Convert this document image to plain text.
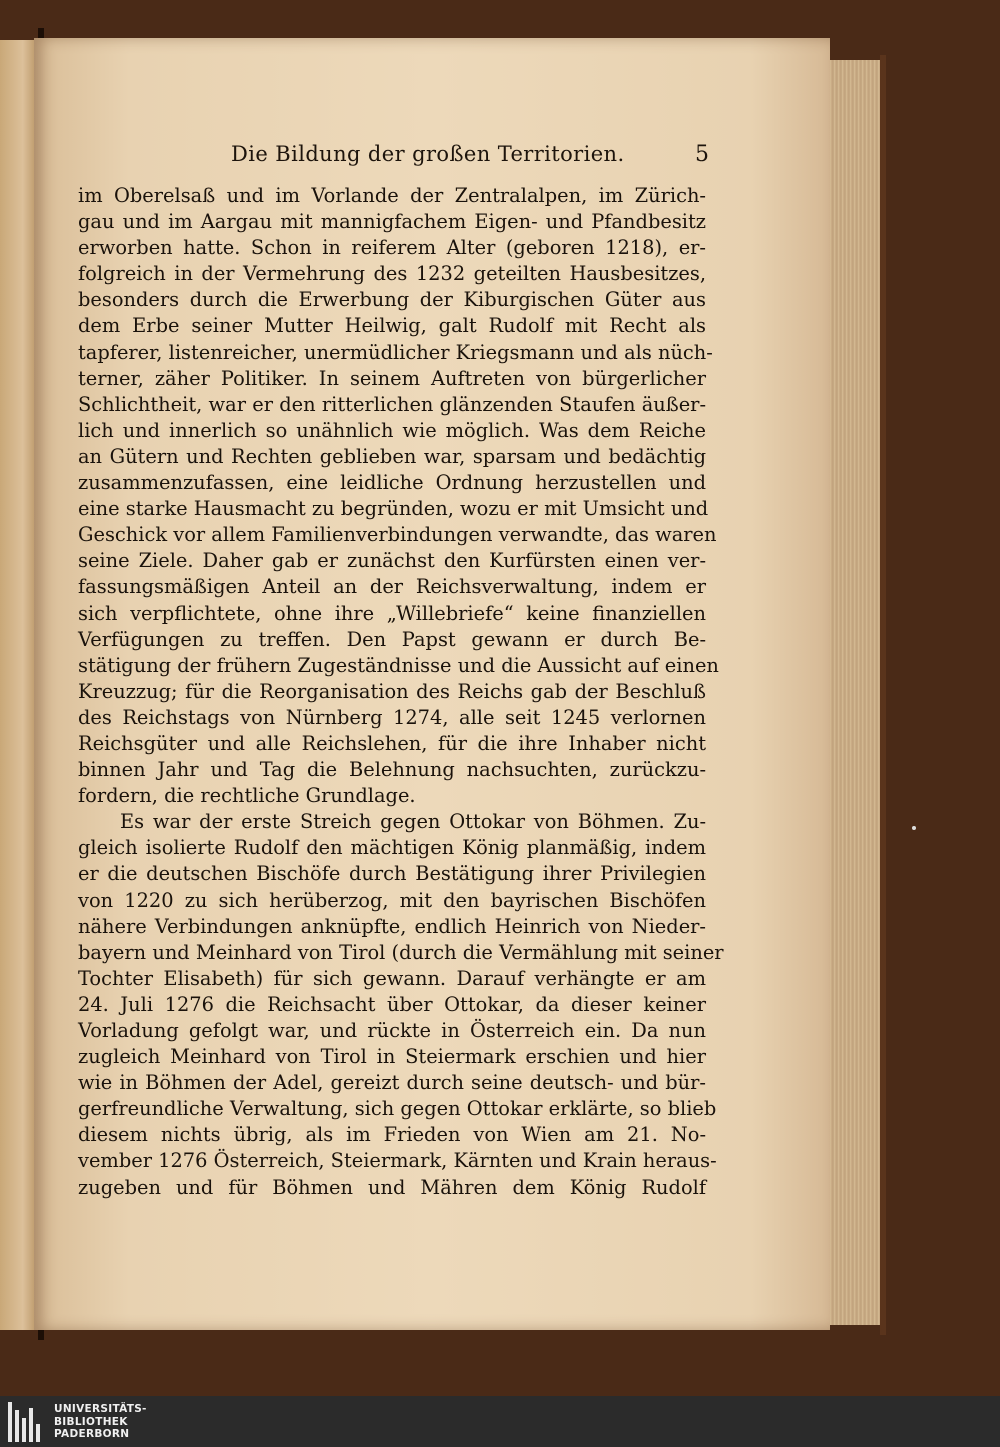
Die Bildung der großen Territorien.	5
im Oberelsaß und im Vorlande der Zentralalpen, im Zürich-
gau und im Aargau mit mannigfachem Eigen- und Pfandbesitz
erworben hatte. Schon in reiferem Alter (geboren 1218), er-
folgreich in der Vermehrung des 1232 geteilten Hausbesitzes,
besonders durch die Erwerbung der Kiburgischen Güter aus
dem Erbe seiner Mutter Heilwig, galt Rudolf mit Recht als
tapferer, listenreicher, unermüdlicher Kriegsmann und als nüch-
terner, zäher Politiker. In seinem Auftreten von bürgerlicher
Schlichtheit, war er den ritterlichen glänzenden Staufen äußer-
lich und innerlich so unähnlich wie möglich. Was dem Reiche
an Gütern und Rechten geblieben war, sparsam und bedächtig
zusammenzufassen, eine leidliche Ordnung herzustellen und
eine starke Hausmacht zu begründen, wozu er mit Umsicht und
Geschick vor allem Familienverbindungen verwandte, das waren
seine Ziele. Daher gab er zunächst den Kurfürsten einen ver-
fassungsmäßigen Anteil an der Reichsverwaltung, indem er
sich verpflichtete, ohne ihre „Willebriefe“ keine finanziellen
Verfügungen zu treffen. Den Papst gewann er durch Be-
stätigung der frühern Zugeständnisse und die Aussicht auf einen
Kreuzzug; für die Reorganisation des Reichs gab der Beschluß
des Reichstags von Nürnberg 1274, alle seit 1245 verlornen
Reichsgüter und alle Reichslehen, für die ihre Inhaber nicht
binnen Jahr und Tag die Belehnung nachsuchten, zurückzu-
fordern, die rechtliche Grundlage.
Es war der erste Streich gegen Ottokar von Böhmen. Zu-
gleich isolierte Rudolf den mächtigen König planmäßig, indem
er die deutschen Bischöfe durch Bestätigung ihrer Privilegien
von 1220 zu sich herüberzog, mit den bayrischen Bischöfen
nähere Verbindungen anknüpfte, endlich Heinrich von Nieder-
bayern und Meinhard von Tirol (durch die Vermählung mit seiner
Tochter Elisabeth) für sich gewann. Darauf verhängte er am
24. Juli 1276 die Reichsacht über Ottokar, da dieser keiner
Vorladung gefolgt war, und rückte in Österreich ein. Da nun
zugleich Meinhard von Tirol in Steiermark erschien und hier
wie in Böhmen der Adel, gereizt durch seine deutsch- und bür-
gerfreundliche Verwaltung, sich gegen Ottokar erklärte, so blieb
diesem nichts übrig, als im Frieden von Wien am 21. No-
vember 1276 Österreich, Steiermark, Kärnten und Krain heraus-
zugeben und für Böhmen und Mähren dem König Rudolf
UNIVERSITÄTS-
BIBLIOTHEK
PADERBORN
